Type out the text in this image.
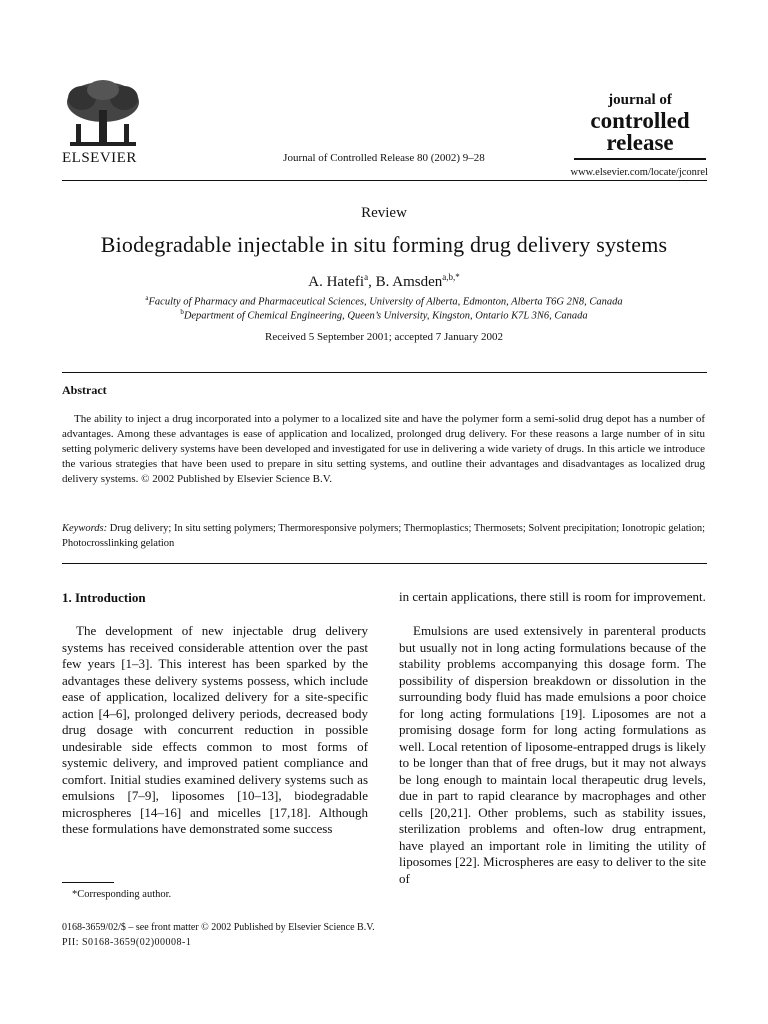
ELSEVIER	Journal of Controlled Release 80 (2002) 9–28
journal of
controlled
release
www.elsevier.com/locate/jconrel
Review
Biodegradable injectable in situ forming drug delivery systems
A. Hatefi$^a$, B. Amsden$^{a,b,*}$
$^a$Faculty of Pharmacy and Pharmaceutical Sciences, University of Alberta, Edmonton, Alberta T6G 2N8, Canada
$^b$Department of Chemical Engineering, Queen’s University, Kingston, Ontario K7L 3N6, Canada
Received 5 September 2001; accepted 7 January 2002
Abstract
The ability to inject a drug incorporated into a polymer to a localized site and have the polymer form a semi-solid drug depot has a number of advantages. Among these advantages is ease of application and localized, prolonged drug delivery. For these reasons a large number of in situ setting polymeric delivery systems have been developed and investigated for use in delivering a wide variety of drugs. In this article we introduce the various strategies that have been used to prepare in situ setting systems, and outline their advantages and disadvantages as localized drug delivery systems. © 2002 Published by Elsevier Science B.V.
Keywords: Drug delivery; In situ setting polymers; Thermoresponsive polymers; Thermoplastics; Thermosets; Solvent precipitation; Ionotropic gelation; Photocrosslinking gelation
1. Introduction
The development of new injectable drug delivery systems has received considerable attention over the past few years [1–3]. This interest has been sparked by the advantages these delivery systems possess, which include ease of application, localized delivery for a site-specific action [4–6], prolonged delivery periods, decreased body drug dosage with concurrent reduction in possible undesirable side effects common to most forms of systemic delivery, and improved patient compliance and comfort. Initial studies examined delivery systems such as emulsions [7–9], liposomes [10–13], biodegradable microspheres [14–16] and micelles [17,18]. Although these formulations have demonstrated some success
in certain applications, there still is room for improvement.
Emulsions are used extensively in parenteral products but usually not in long acting formulations because of the stability problems accompanying this dosage form. The possibility of dispersion breakdown or dissolution in the surrounding body fluid has made emulsions a poor choice for long acting formulations [19]. Liposomes are not a promising dosage form for long acting formulations as well. Local retention of liposome-entrapped drugs is likely to be longer than that of free drugs, but it may not always be long enough to maintain local therapeutic drug levels, due in part to rapid clearance by macrophages and other cells [20,21]. Other problems, such as stability issues, sterilization problems and often-low drug entrapment, have played an important role in limiting the utility of liposomes [22]. Microspheres are easy to deliver to the site of
*Corresponding author.
0168-3659/02/$ – see front matter © 2002 Published by Elsevier Science B.V.
PII: S0168-3659(02)00008-1
